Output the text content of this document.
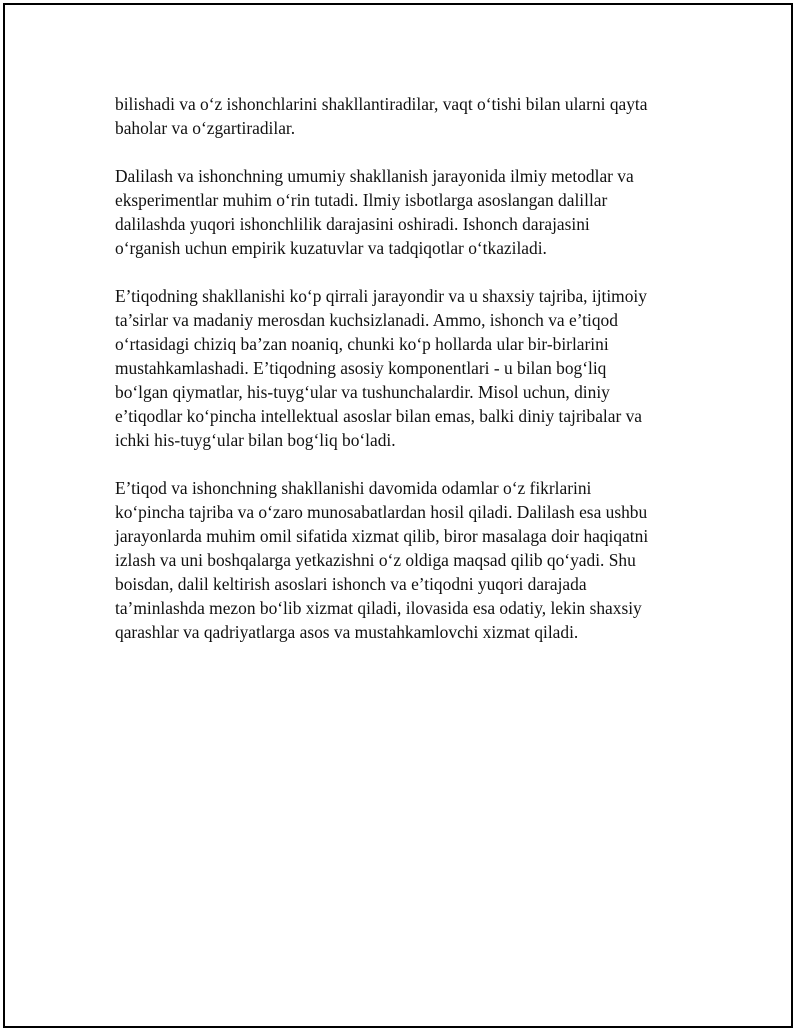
bilishadi va o‘z ishonchlarini shakllantiradilar, vaqt o‘tishi bilan ularni qayta
baholar va o‘zgartiradilar.

Dalilash va ishonchning umumiy shakllanish jarayonida ilmiy metodlar va
eksperimentlar muhim o‘rin tutadi. Ilmiy isbotlarga asoslangan dalillar
dalilashda yuqori ishonchlilik darajasini oshiradi. Ishonch darajasini
o‘rganish uchun empirik kuzatuvlar va tadqiqotlar o‘tkaziladi.

E’tiqodning shakllanishi ko‘p qirrali jarayondir va u shaxsiy tajriba, ijtimoiy
ta’sirlar va madaniy merosdan kuchsizlanadi. Ammo, ishonch va e’tiqod
o‘rtasidagi chiziq ba’zan noaniq, chunki ko‘p hollarda ular bir-birlarini
mustahkamlashadi. E’tiqodning asosiy komponentlari - u bilan bog‘liq
bo‘lgan qiymatlar, his-tuyg‘ular va tushunchalardir. Misol uchun, diniy
e’tiqodlar ko‘pincha intellektual asoslar bilan emas, balki diniy tajribalar va
ichki his-tuyg‘ular bilan bog‘liq bo‘ladi.

E’tiqod va ishonchning shakllanishi davomida odamlar o‘z fikrlarini
ko‘pincha tajriba va o‘zaro munosabatlardan hosil qiladi. Dalilash esa ushbu
jarayonlarda muhim omil sifatida xizmat qilib, biror masalaga doir haqiqatni
izlash va uni boshqalarga yetkazishni o‘z oldiga maqsad qilib qo‘yadi. Shu
boisdan, dalil keltirish asoslari ishonch va e’tiqodni yuqori darajada
ta’minlashda mezon bo‘lib xizmat qiladi, ilovasida esa odatiy, lekin shaxsiy
qarashlar va qadriyatlarga asos va mustahkamlovchi xizmat qiladi.
